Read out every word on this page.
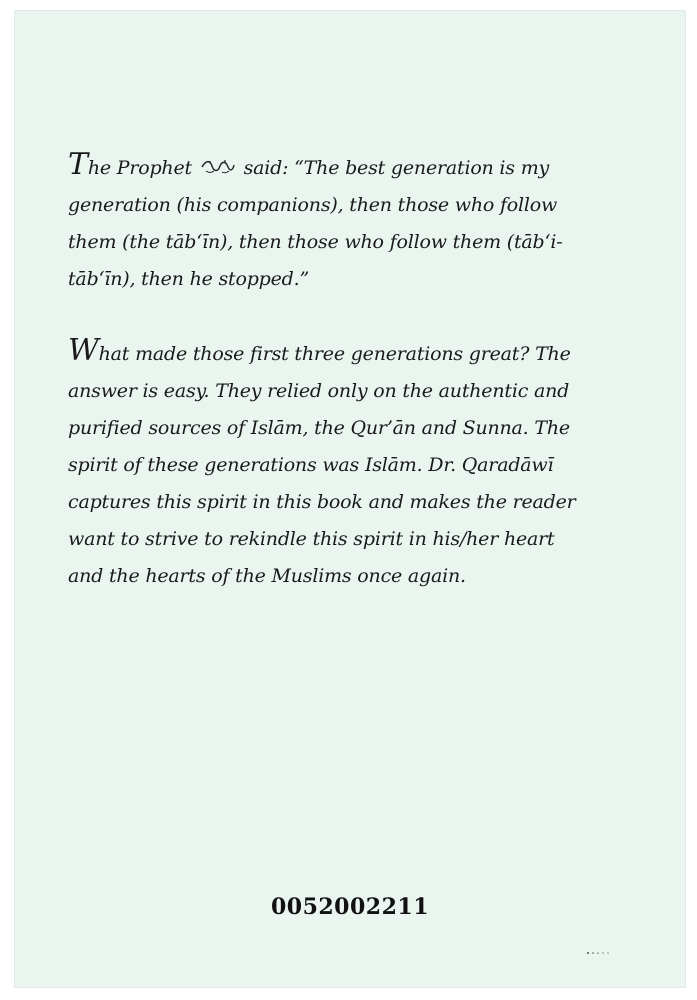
The Prophet	said: “The best generation is my

generation (his companions), then those who follow

them (the tāb‘īn), then those who follow them (tāb‘i-

tāb‘īn), then he stopped.”

What made those first three generations great? The

answer is easy. They relied only on the authentic and

purified sources of Islām, the Qur’ān and Sunna. The

spirit of these generations was Islām. Dr. Qaradāwī

captures this spirit in this book and makes the reader

want to strive to rekindle this spirit in his/her heart

and the hearts of the Muslims once again.

0052002211
